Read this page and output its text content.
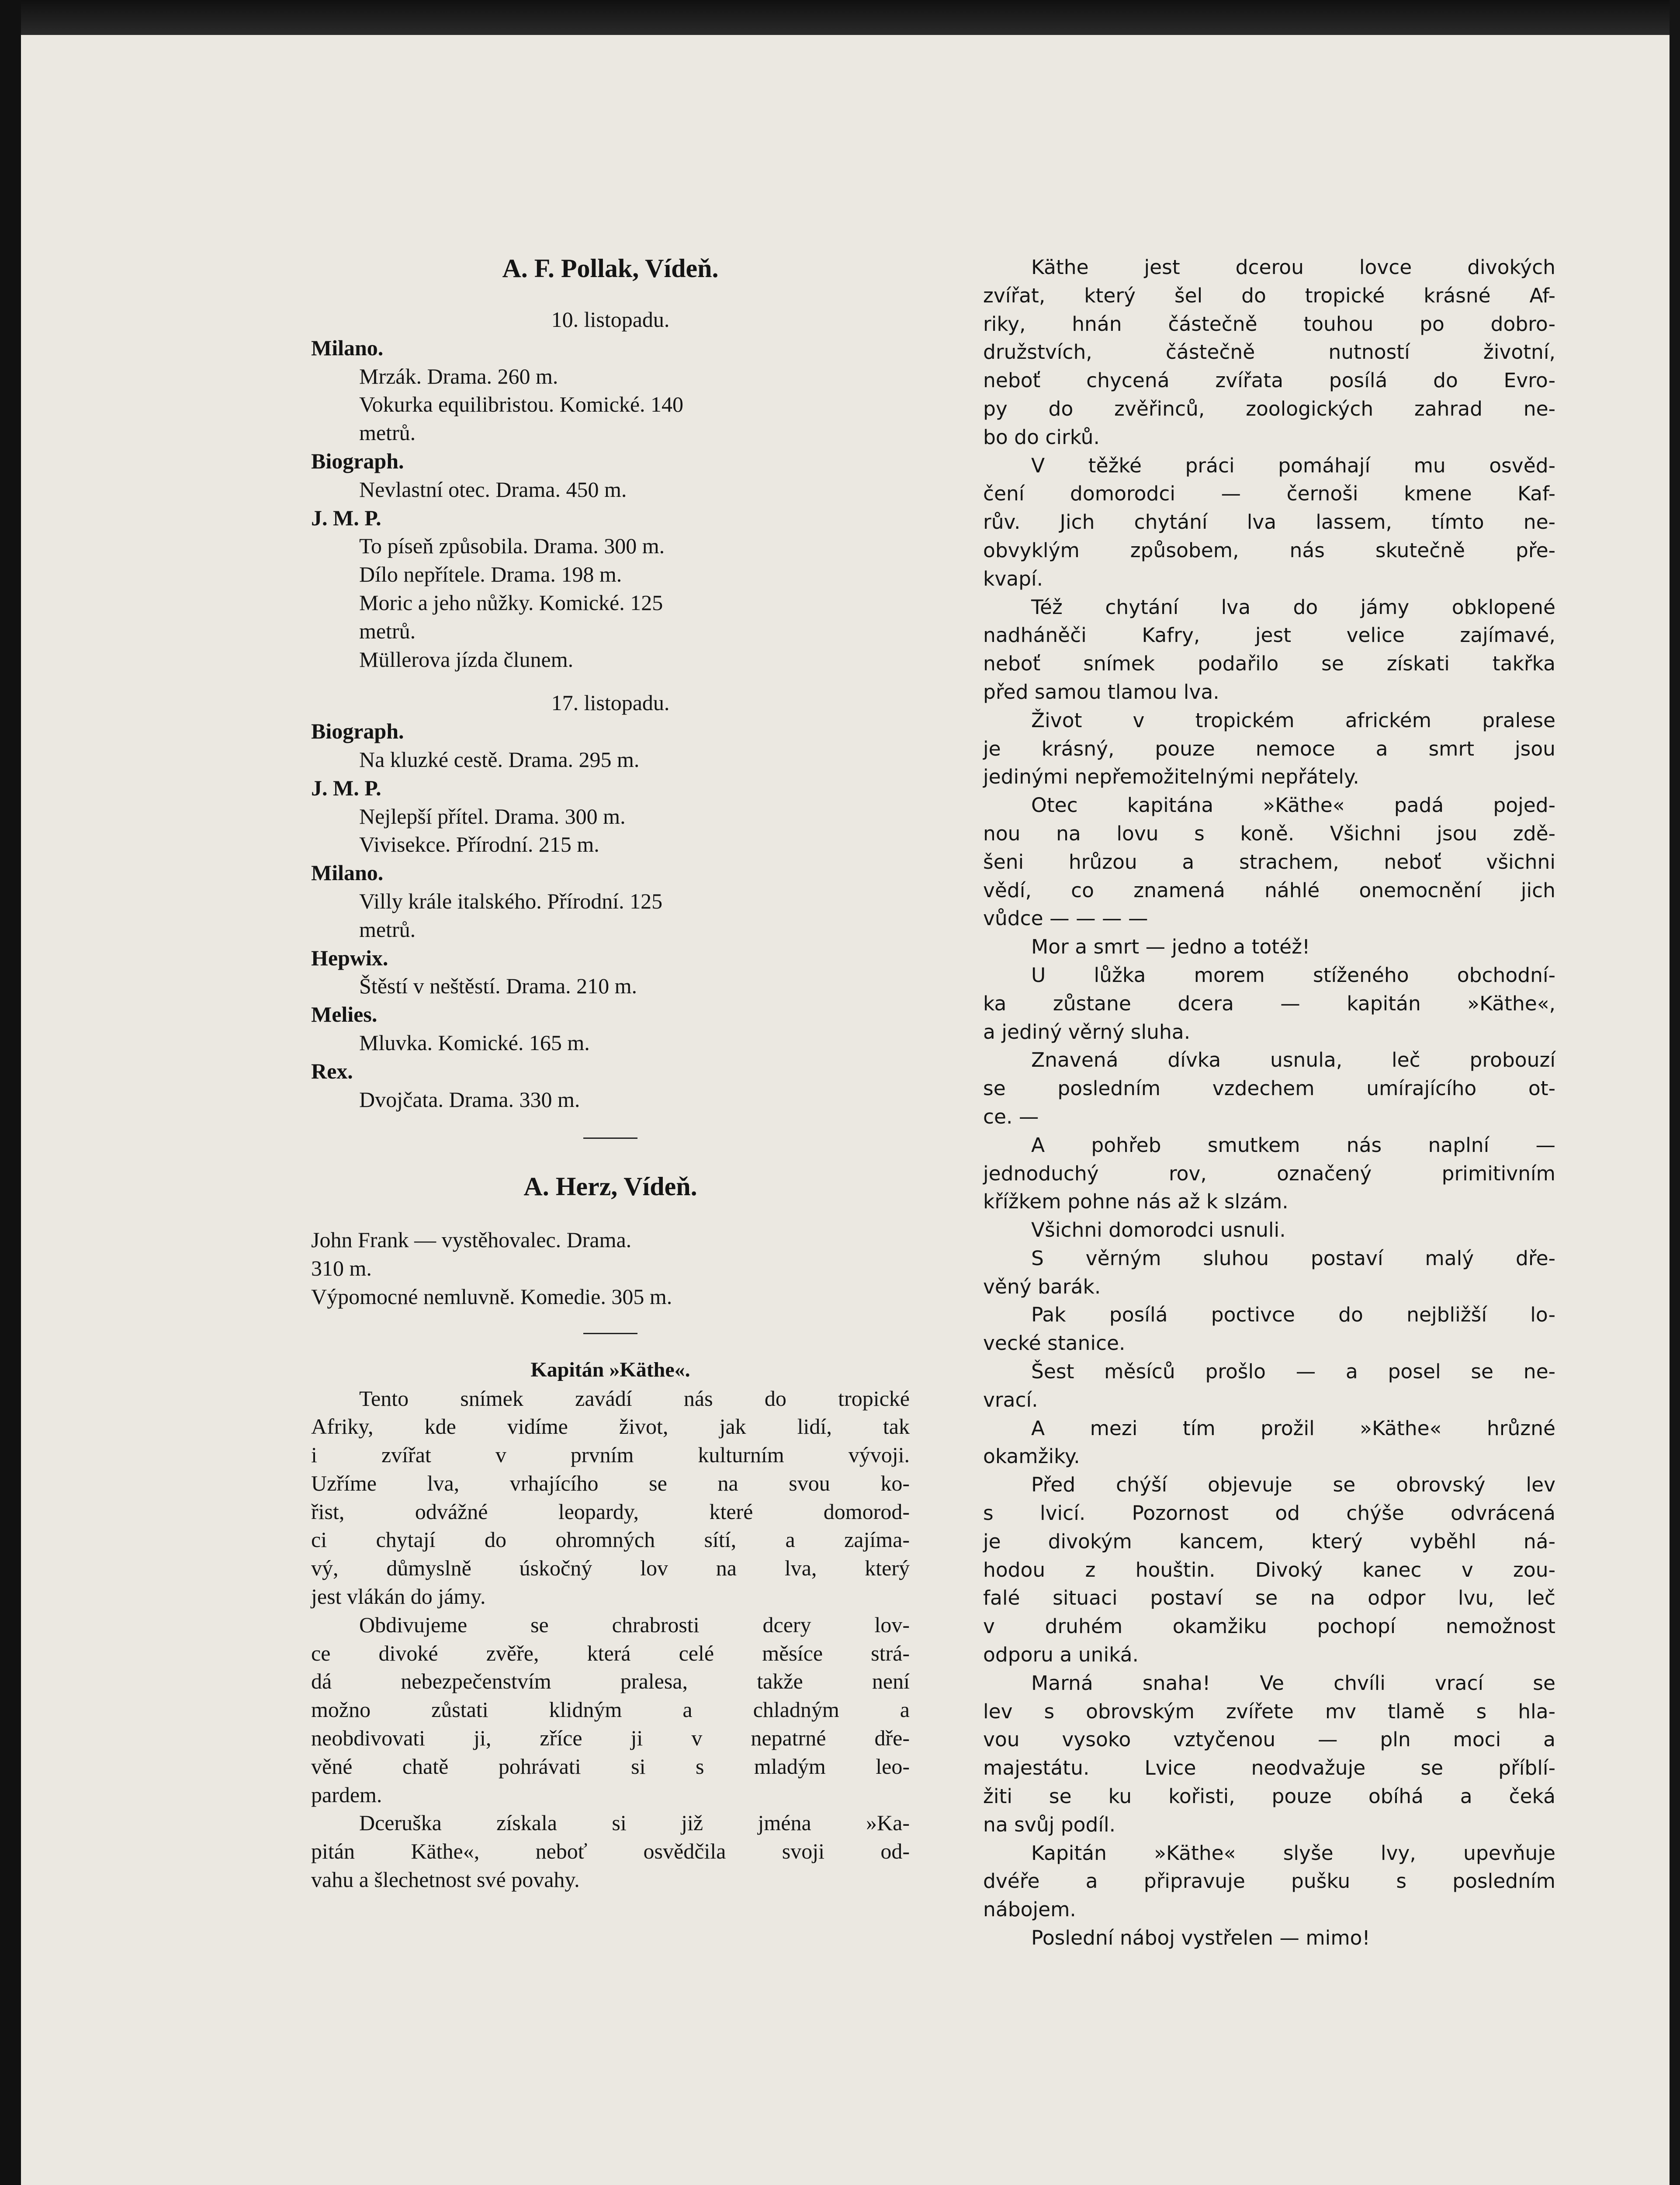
A. F. Pollak, Vídeň.
10. listopadu.
Milano.
Mrzák. Drama. 260 m.
Vokurka equilibristou. Komické. 140
metrů.
Biograph.
Nevlastní otec. Drama. 450 m.
J. M. P.
To píseň způsobila. Drama. 300 m.
Dílo nepřítele. Drama. 198 m.
Moric a jeho nůžky. Komické. 125
metrů.
Müllerova jízda člunem.
17. listopadu.
Biograph.
Na kluzké cestě. Drama. 295 m.
J. M. P.
Nejlepší přítel. Drama. 300 m.
Vivisekce. Přírodní. 215 m.
Milano.
Villy krále italského. Přírodní. 125
metrů.
Hepwix.
Štěstí v neštěstí. Drama. 210 m.
Melies.
Mluvka. Komické. 165 m.
Rex.
Dvojčata. Drama. 330 m.
A. Herz, Vídeň.
John Frank — vystěhovalec. Drama.
310 m.
Výpomocné nemluvně. Komedie. 305 m.
Kapitán »Käthe«.
Tento snímek zavádí nás do tropické
Afriky, kde vidíme život, jak lidí, tak
i zvířat v prvním kulturním vývoji.
Uzříme lva, vrhajícího se na svou ko-
řist, odvážné leopardy, které domorod-
ci chytají do ohromných sítí, a zajíma-
vý, důmyslně úskočný lov na lva, který
jest vlákán do jámy.
Obdivujeme se chrabrosti dcery lov-
ce divoké zvěře, která celé měsíce strá-
dá nebezpečenstvím pralesa, takže není
možno zůstati klidným a chladným a
neobdivovati ji, zříce ji v nepatrné dře-
věné chatě pohrávati si s mladým leo-
pardem.
Dceruška získala si již jména »Ka-
pitán Käthe«, neboť osvědčila svoji od-
vahu a šlechetnost své povahy.
Käthe jest dcerou lovce divokých
zvířat, který šel do tropické krásné Af-
riky, hnán částečně touhou po dobro-
družstvích, částečně nutností životní,
neboť chycená zvířata posílá do Evro-
py do zvěřinců, zoologických zahrad ne-
bo do cirků.
V těžké práci pomáhají mu osvěd-
čení domorodci — černoši kmene Kaf-
rův. Jich chytání lva lassem, tímto ne-
obvyklým způsobem, nás skutečně pře-
kvapí.
Též chytání lva do jámy obklopené
nadháněči Kafry, jest velice zajímavé,
neboť snímek podařilo se získati takřka
před samou tlamou lva.
Život v tropickém africkém pralese
je krásný, pouze nemoce a smrt jsou
jedinými nepřemožitelnými nepřátely.
Otec kapitána »Käthe« padá pojed-
nou na lovu s koně. Všichni jsou zdě-
šeni hrůzou a strachem, neboť všichni
vědí, co znamená náhlé onemocnění jich
vůdce — — — —
Mor a smrt — jedno a totéž!
U lůžka morem stíženého obchodní-
ka zůstane dcera — kapitán »Käthe«,
a jediný věrný sluha.
Znavená dívka usnula, leč probouzí
se posledním vzdechem umírajícího ot-
ce. —
A pohřeb smutkem nás naplní —
jednoduchý rov, označený primitivním
křížkem pohne nás až k slzám.
Všichni domorodci usnuli.
S věrným sluhou postaví malý dře-
věný barák.
Pak posílá poctivce do nejbližší lo-
vecké stanice.
Šest měsíců prošlo — a posel se ne-
vrací.
A mezi tím prožil »Käthe« hrůzné
okamžiky.
Před chýší objevuje se obrovský lev
s lvicí. Pozornost od chýše odvrácená
je divokým kancem, který vyběhl ná-
hodou z houštin. Divoký kanec v zou-
falé situaci postaví se na odpor lvu, leč
v druhém okamžiku pochopí nemožnost
odporu a uniká.
Marná snaha! Ve chvíli vrací se
lev s obrovským zvířete mv tlamě s hla-
vou vysoko vztyčenou — pln moci a
majestátu. Lvice neodvažuje se příblí-
žiti se ku kořisti, pouze obíhá a čeká
na svůj podíl.
Kapitán »Käthe« slyše lvy, upevňuje
dvéře a připravuje pušku s posledním
nábojem.
Poslední náboj vystřelen — mimo!
